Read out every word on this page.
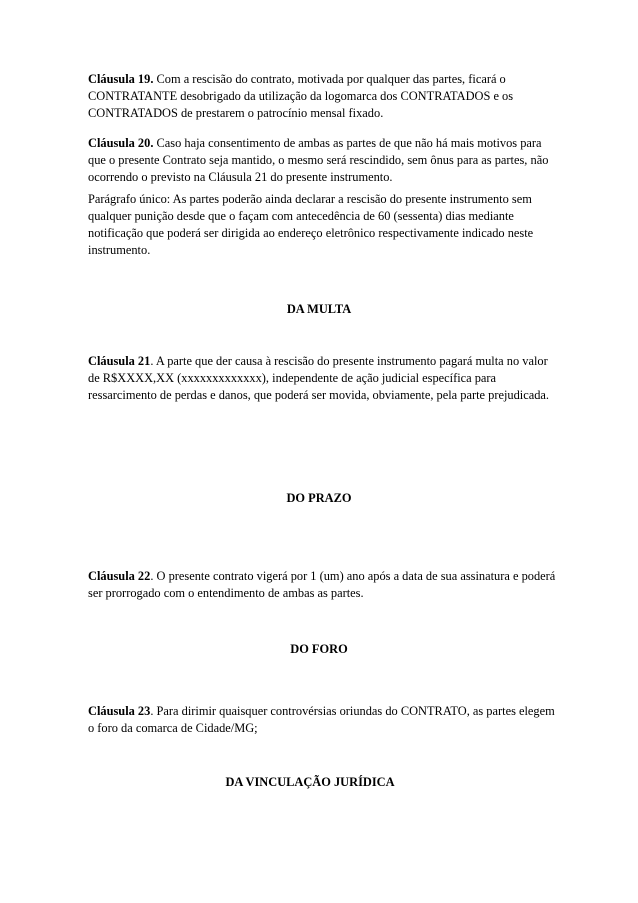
Cláusula 19. Com a rescisão do contrato, motivada por qualquer das partes, ficará o CONTRATANTE desobrigado da utilização da logomarca dos CONTRATADOS e os CONTRATADOS de prestarem o patrocínio mensal fixado.

Cláusula 20. Caso haja consentimento de ambas as partes de que não há mais motivos para que o presente Contrato seja mantido, o mesmo será rescindido, sem ônus para as partes, não ocorrendo o previsto na Cláusula 21 do presente instrumento.

Parágrafo único: As partes poderão ainda declarar a rescisão do presente instrumento sem qualquer punição desde que o façam com antecedência de 60 (sessenta) dias mediante notificação que poderá ser dirigida ao endereço eletrônico respectivamente indicado neste instrumento.

DA MULTA

Cláusula 21. A parte que der causa à rescisão do presente instrumento pagará multa no valor de R$XXXX,XX (xxxxxxxxxxxxx), independente de ação judicial específica para ressarcimento de perdas e danos, que poderá ser movida, obviamente, pela parte prejudicada.

DO PRAZO

Cláusula 22. O presente contrato vigerá por 1 (um) ano após a data de sua assinatura e poderá ser prorrogado com o entendimento de ambas as partes.

DO FORO

Cláusula 23. Para dirimir quaisquer controvérsias oriundas do CONTRATO, as partes elegem o foro da comarca de Cidade/MG;

DA VINCULAÇÃO JURÍDICA
